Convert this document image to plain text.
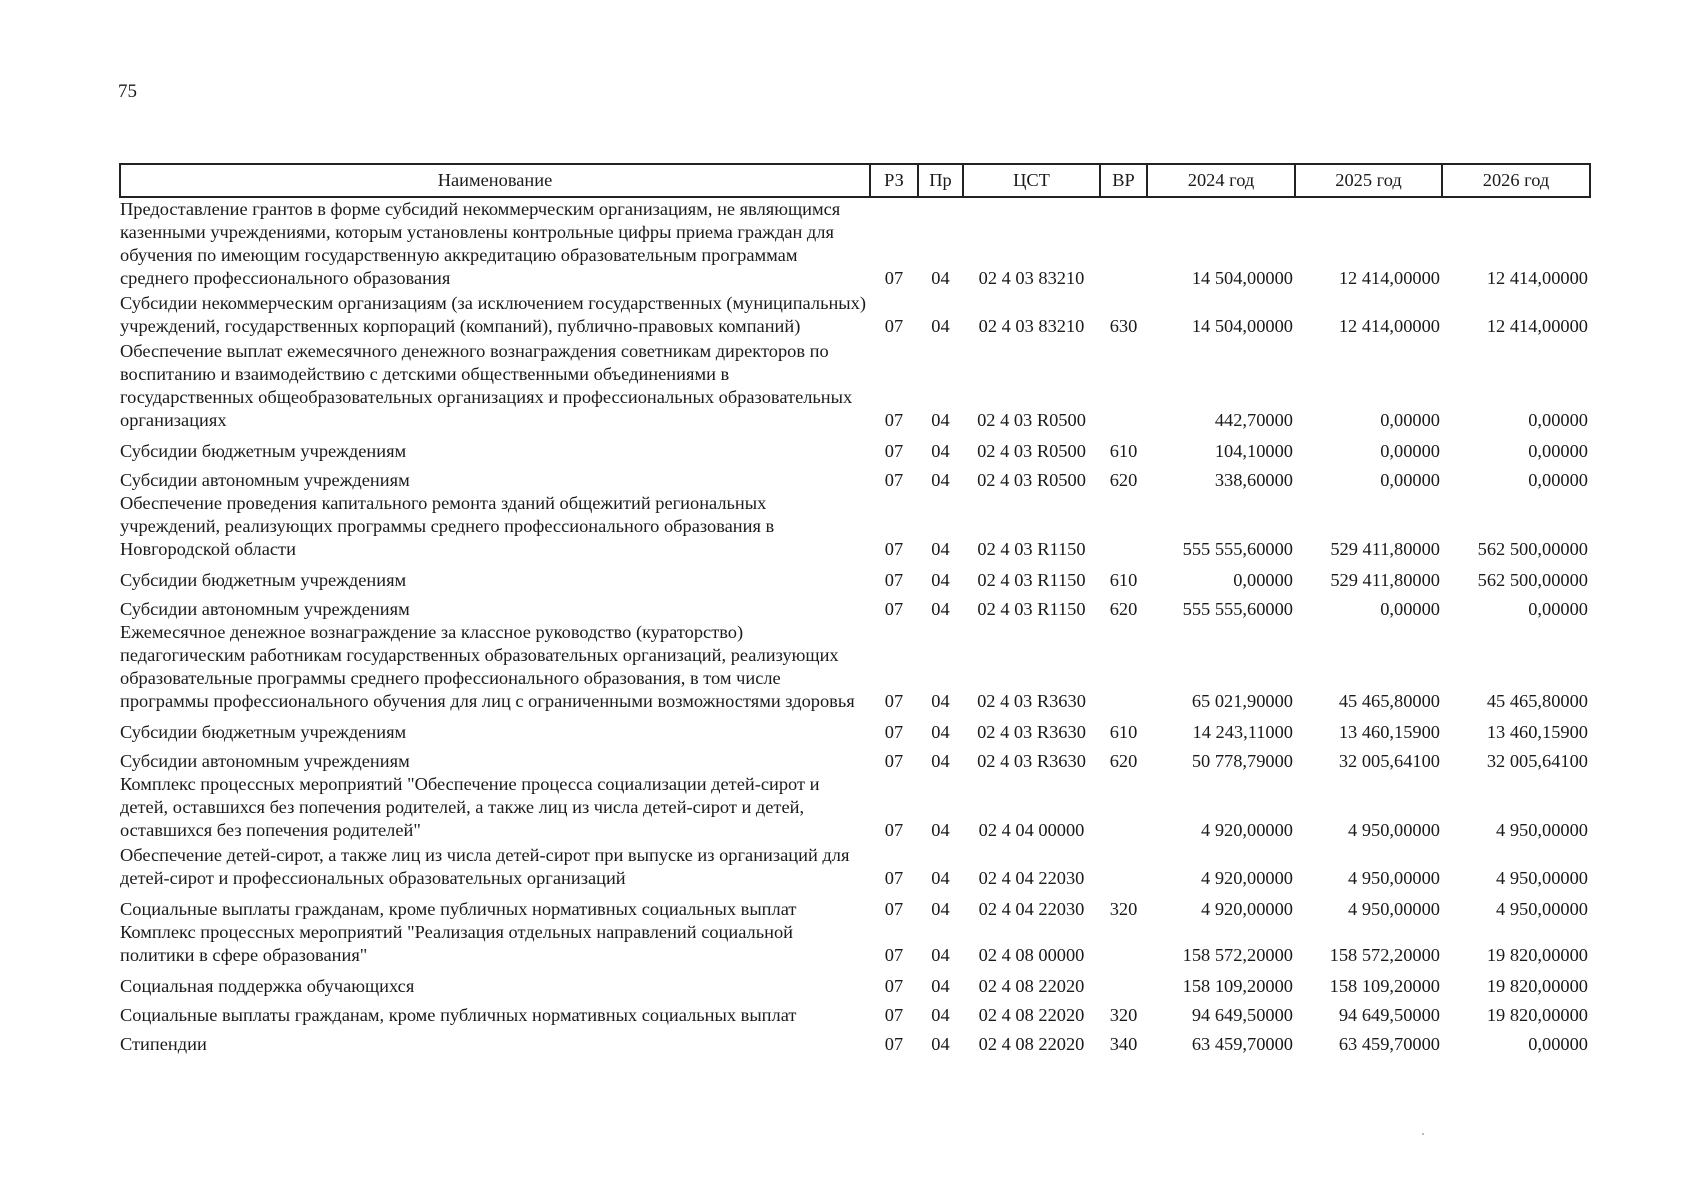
75
Наименование	РЗ	Пр	ЦСТ	ВР	2024 год	2025 год	2026 год
Предоставление грантов в форме субсидий некоммерческим организациям, не являющимся казенными учреждениями, которым установлены контрольные цифры приема граждан для обучения по имеющим государственную аккредитацию образовательным программам среднего профессионального образования	07	04	02 4 03 83210		14 504,00000	12 414,00000	12 414,00000
Субсидии некоммерческим организациям (за исключением государственных (муниципальных) учреждений, государственных корпораций (компаний), публично-правовых компаний)	07	04	02 4 03 83210	630	14 504,00000	12 414,00000	12 414,00000
Обеспечение выплат ежемесячного денежного вознаграждения советникам директоров по воспитанию и взаимодействию с детскими общественными объединениями в государственных общеобразовательных организациях и профессиональных образовательных организациях	07	04	02 4 03 R0500		442,70000	0,00000	0,00000
Субсидии бюджетным учреждениям	07	04	02 4 03 R0500	610	104,10000	0,00000	0,00000
Субсидии автономным учреждениям	07	04	02 4 03 R0500	620	338,60000	0,00000	0,00000
Обеспечение проведения капитального ремонта зданий общежитий региональных учреждений, реализующих программы среднего профессионального образования в Новгородской области	07	04	02 4 03 R1150		555 555,60000	529 411,80000	562 500,00000
Субсидии бюджетным учреждениям	07	04	02 4 03 R1150	610	0,00000	529 411,80000	562 500,00000
Субсидии автономным учреждениям	07	04	02 4 03 R1150	620	555 555,60000	0,00000	0,00000
Ежемесячное денежное вознаграждение за классное руководство (кураторство) педагогическим работникам государственных образовательных организаций, реализующих образовательные программы среднего профессионального образования, в том числе программы профессионального обучения для лиц с ограниченными возможностями здоровья	07	04	02 4 03 R3630		65 021,90000	45 465,80000	45 465,80000
Субсидии бюджетным учреждениям	07	04	02 4 03 R3630	610	14 243,11000	13 460,15900	13 460,15900
Субсидии автономным учреждениям	07	04	02 4 03 R3630	620	50 778,79000	32 005,64100	32 005,64100
Комплекс процессных мероприятий "Обеспечение процесса социализации детей-сирот и детей, оставшихся без попечения родителей, а также лиц из числа детей-сирот и детей, оставшихся без попечения родителей"	07	04	02 4 04 00000		4 920,00000	4 950,00000	4 950,00000
Обеспечение детей-сирот, а также лиц из числа детей-сирот при выпуске из организаций для детей-сирот и профессиональных образовательных организаций	07	04	02 4 04 22030		4 920,00000	4 950,00000	4 950,00000
Социальные выплаты гражданам, кроме публичных нормативных социальных выплат	07	04	02 4 04 22030	320	4 920,00000	4 950,00000	4 950,00000
Комплекс процессных мероприятий "Реализация отдельных направлений социальной политики в сфере образования"	07	04	02 4 08 00000		158 572,20000	158 572,20000	19 820,00000
Социальная поддержка обучающихся	07	04	02 4 08 22020		158 109,20000	158 109,20000	19 820,00000
Социальные выплаты гражданам, кроме публичных нормативных социальных выплат	07	04	02 4 08 22020	320	94 649,50000	94 649,50000	19 820,00000
Стипендии	07	04	02 4 08 22020	340	63 459,70000	63 459,70000	0,00000
